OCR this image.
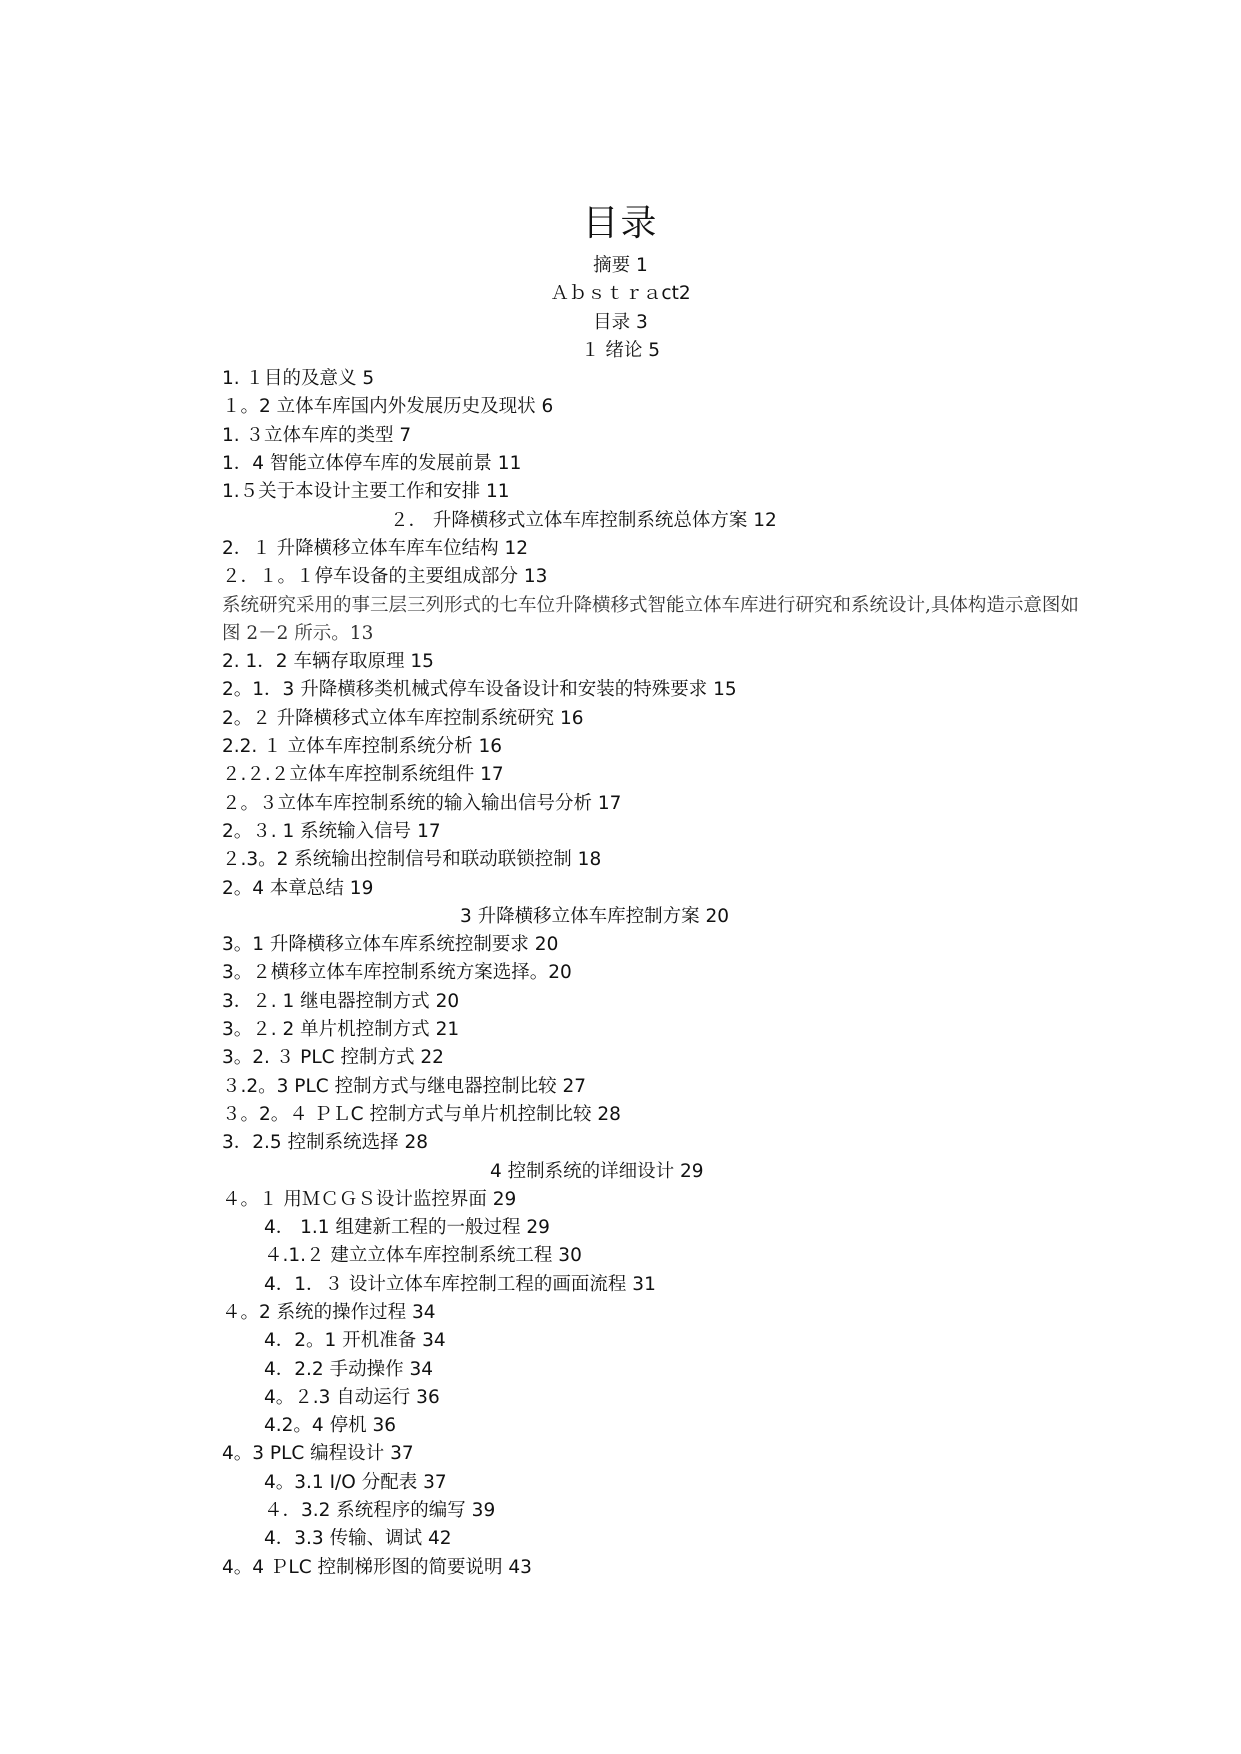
目录
摘要 1
Ａｂｓｔｒａct2
目录 3
１ 绪论 5
1. １目的及意义 5
１。2 立体车库国内外发展历史及现状 6
1. ３立体车库的类型 7
1．4 智能立体停车库的发展前景 11
1.５关于本设计主要工作和安排 11
２． 升降横移式立体车库控制系统总体方案 12
2．１ 升降横移立体车库车位结构 12
２．１。１停车设备的主要组成部分 13
系统研究采用的事三层三列形式的七车位升降横移式智能立体车库进行研究和系统设计,具体构造示意图如图 2－2 所示。13
2. 1．2 车辆存取原理 15
2。1．3 升降横移类机械式停车设备设计和安装的特殊要求 15
2。２ 升降横移式立体车库控制系统研究 16
2.2. １ 立体车库控制系统分析 16
２.２.２立体车库控制系统组件 17
２。３立体车库控制系统的输入输出信号分析 17
2。３. 1 系统输入信号 17
２.3。2 系统输出控制信号和联动联锁控制 18
2。4 本章总结 19
3 升降横移立体车库控制方案 20
3。1 升降横移立体车库系统控制要求 20
3。２横移立体车库控制系统方案选择。20
3．２. 1 继电器控制方式 20
3。２. 2 单片机控制方式 21
3。2. ３ PLC 控制方式 22
３.2。3 PLC 控制方式与继电器控制比较 27
３。2。４ ＰＬC 控制方式与单片机控制比较 28
3．2.5 控制系统选择 28
4 控制系统的详细设计 29
４。１ 用ＭＣＧＳ设计监控界面 29
4． 1.1 组建新工程的一般过程 29
４.1.２ 建立立体车库控制系统工程 30
4．1．３ 设计立体车库控制工程的画面流程 31
４。2 系统的操作过程 34
4．2。1 开机准备 34
4．2.2 手动操作 34
4。２.3 自动运行 36
4.2。4 停机 36
4。3 PLC 编程设计 37
4。3.1 I/O 分配表 37
４．3.2 系统程序的编写 39
4．3.3 传输、调试 42
4。4 ＰLC 控制梯形图的简要说明 43
